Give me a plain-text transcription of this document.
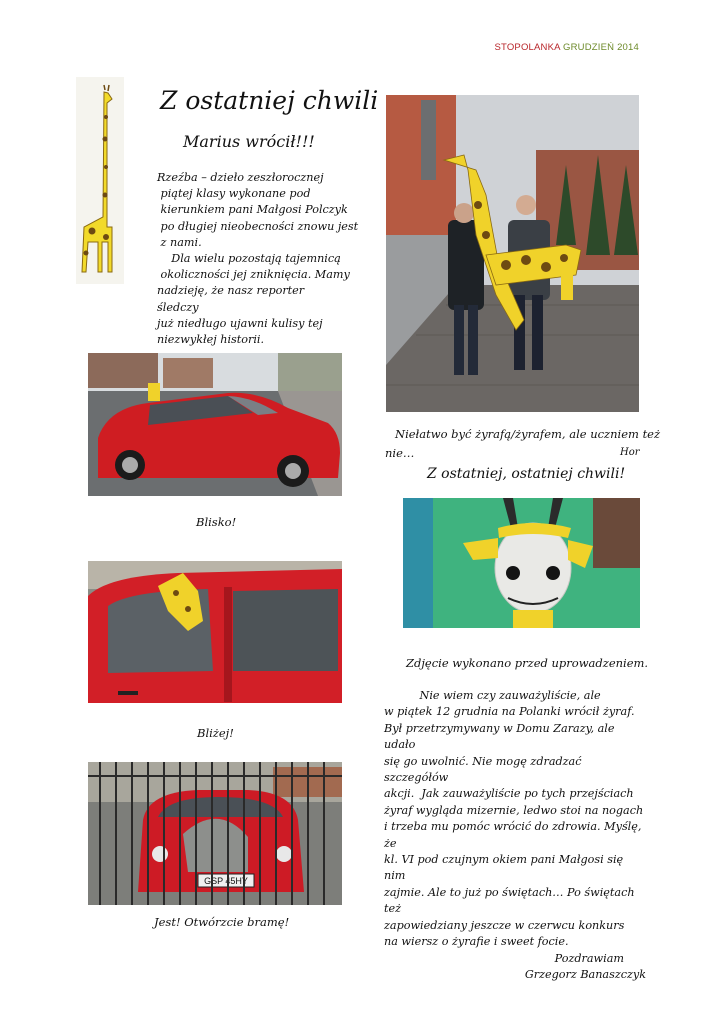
STOPOLANKA GRUDZIEŃ 2014
Z ostatniej chwili
Marius wrócił!!!

Rzeźba – dzieło zeszłorocznej

piątej klasy wykonane pod

kierunkiem pani Małgosi Polczyk

po długiej nieobecności znowu jest

z nami.

Dla wielu pozostają tajemnicą

okoliczności jej zniknięcia. Mamy

nadzieję, że nasz reporter śledczy

już niedługo ujawni kulisy tej

niezwykłej historii.

Blisko!
Bliżej!
GSP 45HY
Jest! Otwórzcie bramę!
Niełatwo być żyrafą/żyrafem, ale uczniem też
nie…	Hor
Z ostatniej, ostatniej chwili!
Zdjęcie wykonano przed uprowadzeniem.

Nie wiem czy zauważyliście, ale

w piątek 12 grudnia na Polanki wrócił żyraf.

Był przetrzymywany w Domu Zarazy, ale udało

się go uwolnić. Nie mogę zdradzać szczegółów

akcji.  Jak zauważyliście po tych przejściach

żyraf wygląda mizernie, ledwo stoi na nogach

i trzeba mu pomóc wrócić do zdrowia. Myślę, że

kl. VI pod czujnym okiem pani Małgosi się nim

zajmie. Ale to już po świętach… Po świętach też

zapowiedziany jeszcze w czerwcu konkurs

na wiersz o żyrafie i sweet focie.

Pozdrawiam

Grzegorz Banaszczyk
